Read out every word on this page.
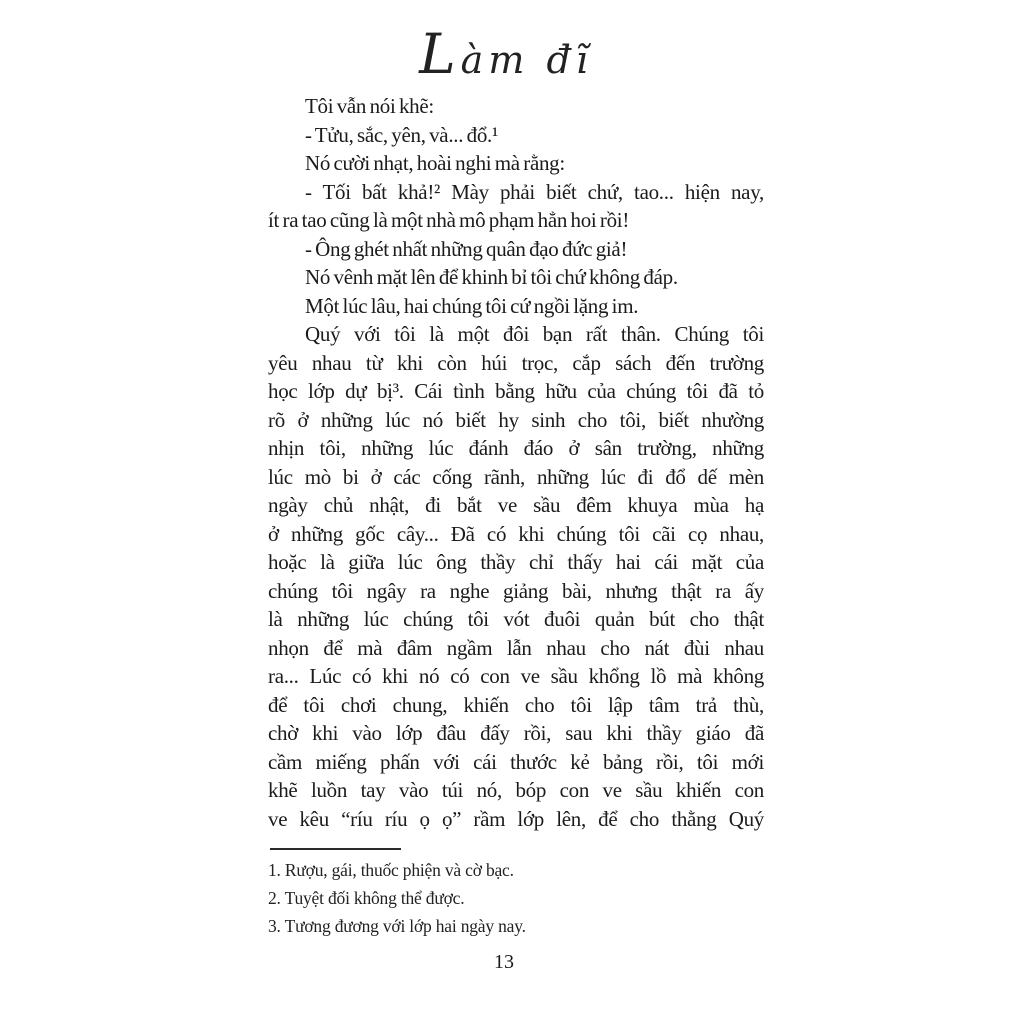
Làm đĩ
Tôi vẫn nói khẽ:
- Tửu, sắc, yên, và... đổ.¹
Nó cười nhạt, hoài nghi mà rằng:
- Tối bất khả!² Mày phải biết chứ, tao... hiện nay,
ít ra tao cũng là một nhà mô phạm hẳn hoi rồi!
- Ông ghét nhất những quân đạo đức giả!
Nó vênh mặt lên để khinh bỉ tôi chứ không đáp.
Một lúc lâu, hai chúng tôi cứ ngồi lặng im.
Quý với tôi là một đôi bạn rất thân. Chúng tôi
yêu nhau từ khi còn húi trọc, cắp sách đến trường
học lớp dự bị³. Cái tình bằng hữu của chúng tôi đã tỏ
rõ ở những lúc nó biết hy sinh cho tôi, biết nhường
nhịn tôi, những lúc đánh đáo ở sân trường, những
lúc mò bi ở các cống rãnh, những lúc đi đổ dế mèn
ngày chủ nhật, đi bắt ve sầu đêm khuya mùa hạ
ở những gốc cây... Đã có khi chúng tôi cãi cọ nhau,
hoặc là giữa lúc ông thầy chỉ thấy hai cái mặt của
chúng tôi ngây ra nghe giảng bài, nhưng thật ra ấy
là những lúc chúng tôi vót đuôi quản bút cho thật
nhọn để mà đâm ngầm lẫn nhau cho nát đùi nhau
ra... Lúc có khi nó có con ve sầu khổng lồ mà không
để tôi chơi chung, khiến cho tôi lập tâm trả thù,
chờ khi vào lớp đâu đấy rồi, sau khi thầy giáo đã
cầm miếng phấn với cái thước kẻ bảng rồi, tôi mới
khẽ luồn tay vào túi nó, bóp con ve sầu khiến con
ve kêu “ríu ríu ọ ọ” rầm lớp lên, để cho thằng Quý
1. Rượu, gái, thuốc phiện và cờ bạc.
2. Tuyệt đối không thể được.
3. Tương đương với lớp hai ngày nay.
13
